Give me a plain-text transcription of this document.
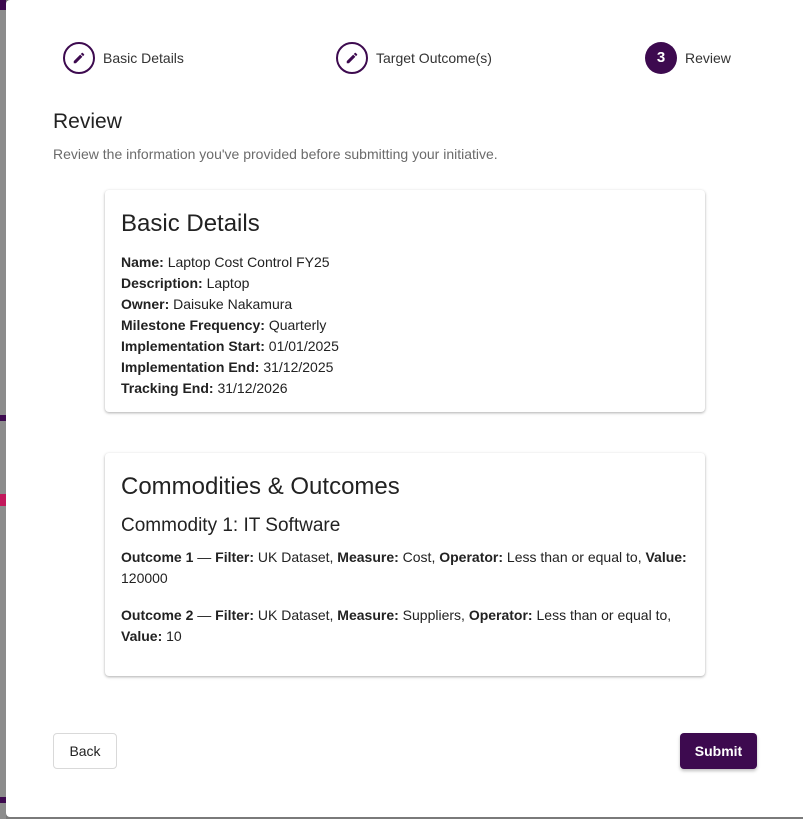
Basic Details	Target Outcome(s)	3	Review
Review

Review the information you've provided before submitting your initiative.

Basic Details
Name: Laptop Cost Control FY25
Description: Laptop
Owner: Daisuke Nakamura
Milestone Frequency: Quarterly
Implementation Start: 01/01/2025
Implementation End: 31/12/2025
Tracking End: 31/12/2026
Commodities & Outcomes
Commodity 1: IT Software
Outcome 1 — Filter: UK Dataset, Measure: Cost, Operator: Less than or equal to, Value: 120000
Outcome 2 — Filter: UK Dataset, Measure: Suppliers, Operator: Less than or equal to, Value: 10
Back	Submit
